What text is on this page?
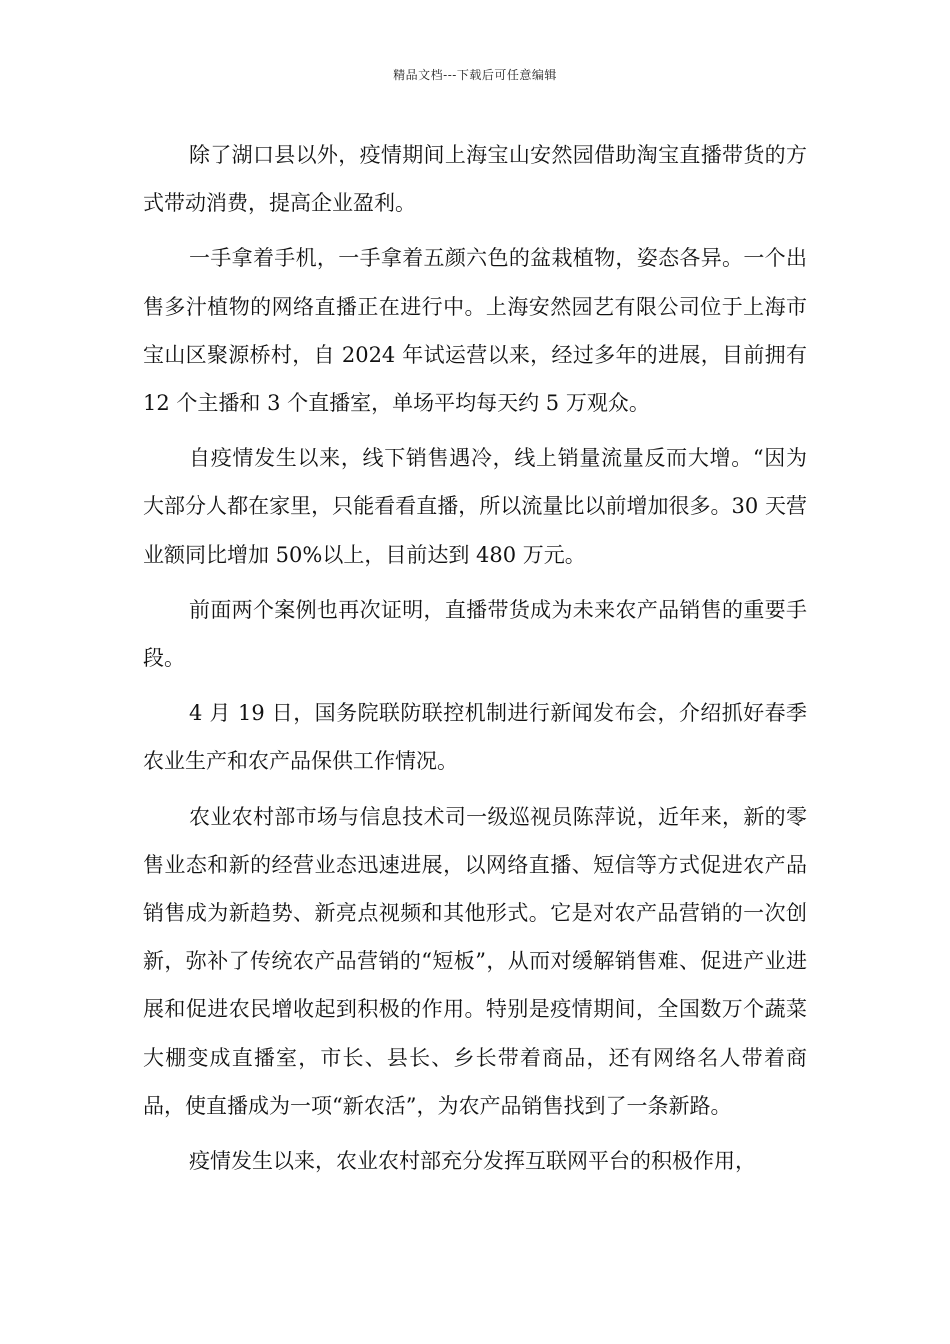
精品文档---下载后可任意编辑

除了湖口县以外，疫情期间上海宝山安然园借助淘宝直播带货的方式带动消费，提高企业盈利。

一手拿着手机，一手拿着五颜六色的盆栽植物，姿态各异。一个出售多汁植物的网络直播正在进行中。上海安然园艺有限公司位于上海市宝山区聚源桥村，自 2024 年试运营以来，经过多年的进展，目前拥有 12 个主播和 3 个直播室，单场平均每天约 5 万观众。

自疫情发生以来，线下销售遇冷，线上销量流量反而大增。“因为大部分人都在家里，只能看看直播，所以流量比以前增加很多。30 天营业额同比增加 50%以上，目前达到 480 万元。

前面两个案例也再次证明，直播带货成为未来农产品销售的重要手段。

4 月 19 日，国务院联防联控机制进行新闻发布会，介绍抓好春季农业生产和农产品保供工作情况。

农业农村部市场与信息技术司一级巡视员陈萍说，近年来，新的零售业态和新的经营业态迅速进展，以网络直播、短信等方式促进农产品销售成为新趋势、新亮点视频和其他形式。它是对农产品营销的一次创新，弥补了传统农产品营销的“短板”，从而对缓解销售难、促进产业进展和促进农民增收起到积极的作用。特别是疫情期间，全国数万个蔬菜大棚变成直播室，市长、县长、乡长带着商品，还有网络名人带着商品，使直播成为一项“新农活”，为农产品销售找到了一条新路。

疫情发生以来，农业农村部充分发挥互联网平台的积极作用，
